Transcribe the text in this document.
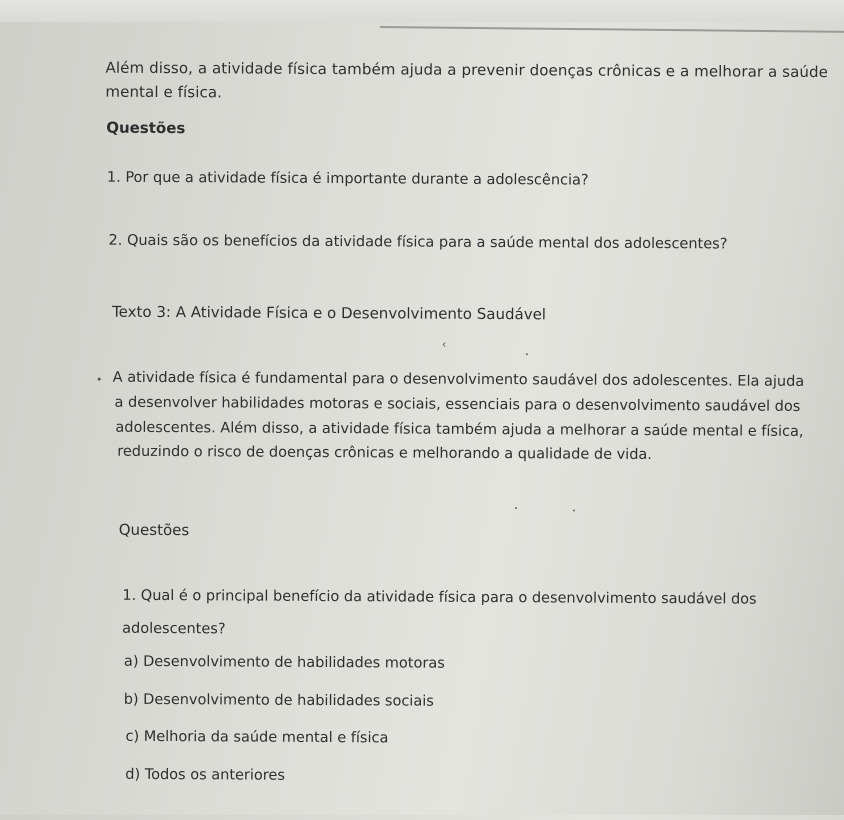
Além disso, a atividade física também ajuda a prevenir doenças crônicas e a melhorar a saúde
mental e física.
Questões
1. Por que a atividade física é importante durante a adolescência?
2. Quais são os benefícios da atividade física para a saúde mental dos adolescentes?
Texto 3: A Atividade Física e o Desenvolvimento Saudável
‹
A atividade física é fundamental para o desenvolvimento saudável dos adolescentes. Ela ajuda
a desenvolver habilidades motoras e sociais, essenciais para o desenvolvimento saudável dos
adolescentes. Além disso, a atividade física também ajuda a melhorar a saúde mental e física,
reduzindo o risco de doenças crônicas e melhorando a qualidade de vida.
Questões
1. Qual é o principal benefício da atividade física para o desenvolvimento saudável dos
adolescentes?
a) Desenvolvimento de habilidades motoras
b) Desenvolvimento de habilidades sociais
c) Melhoria da saúde mental e física
d) Todos os anteriores
